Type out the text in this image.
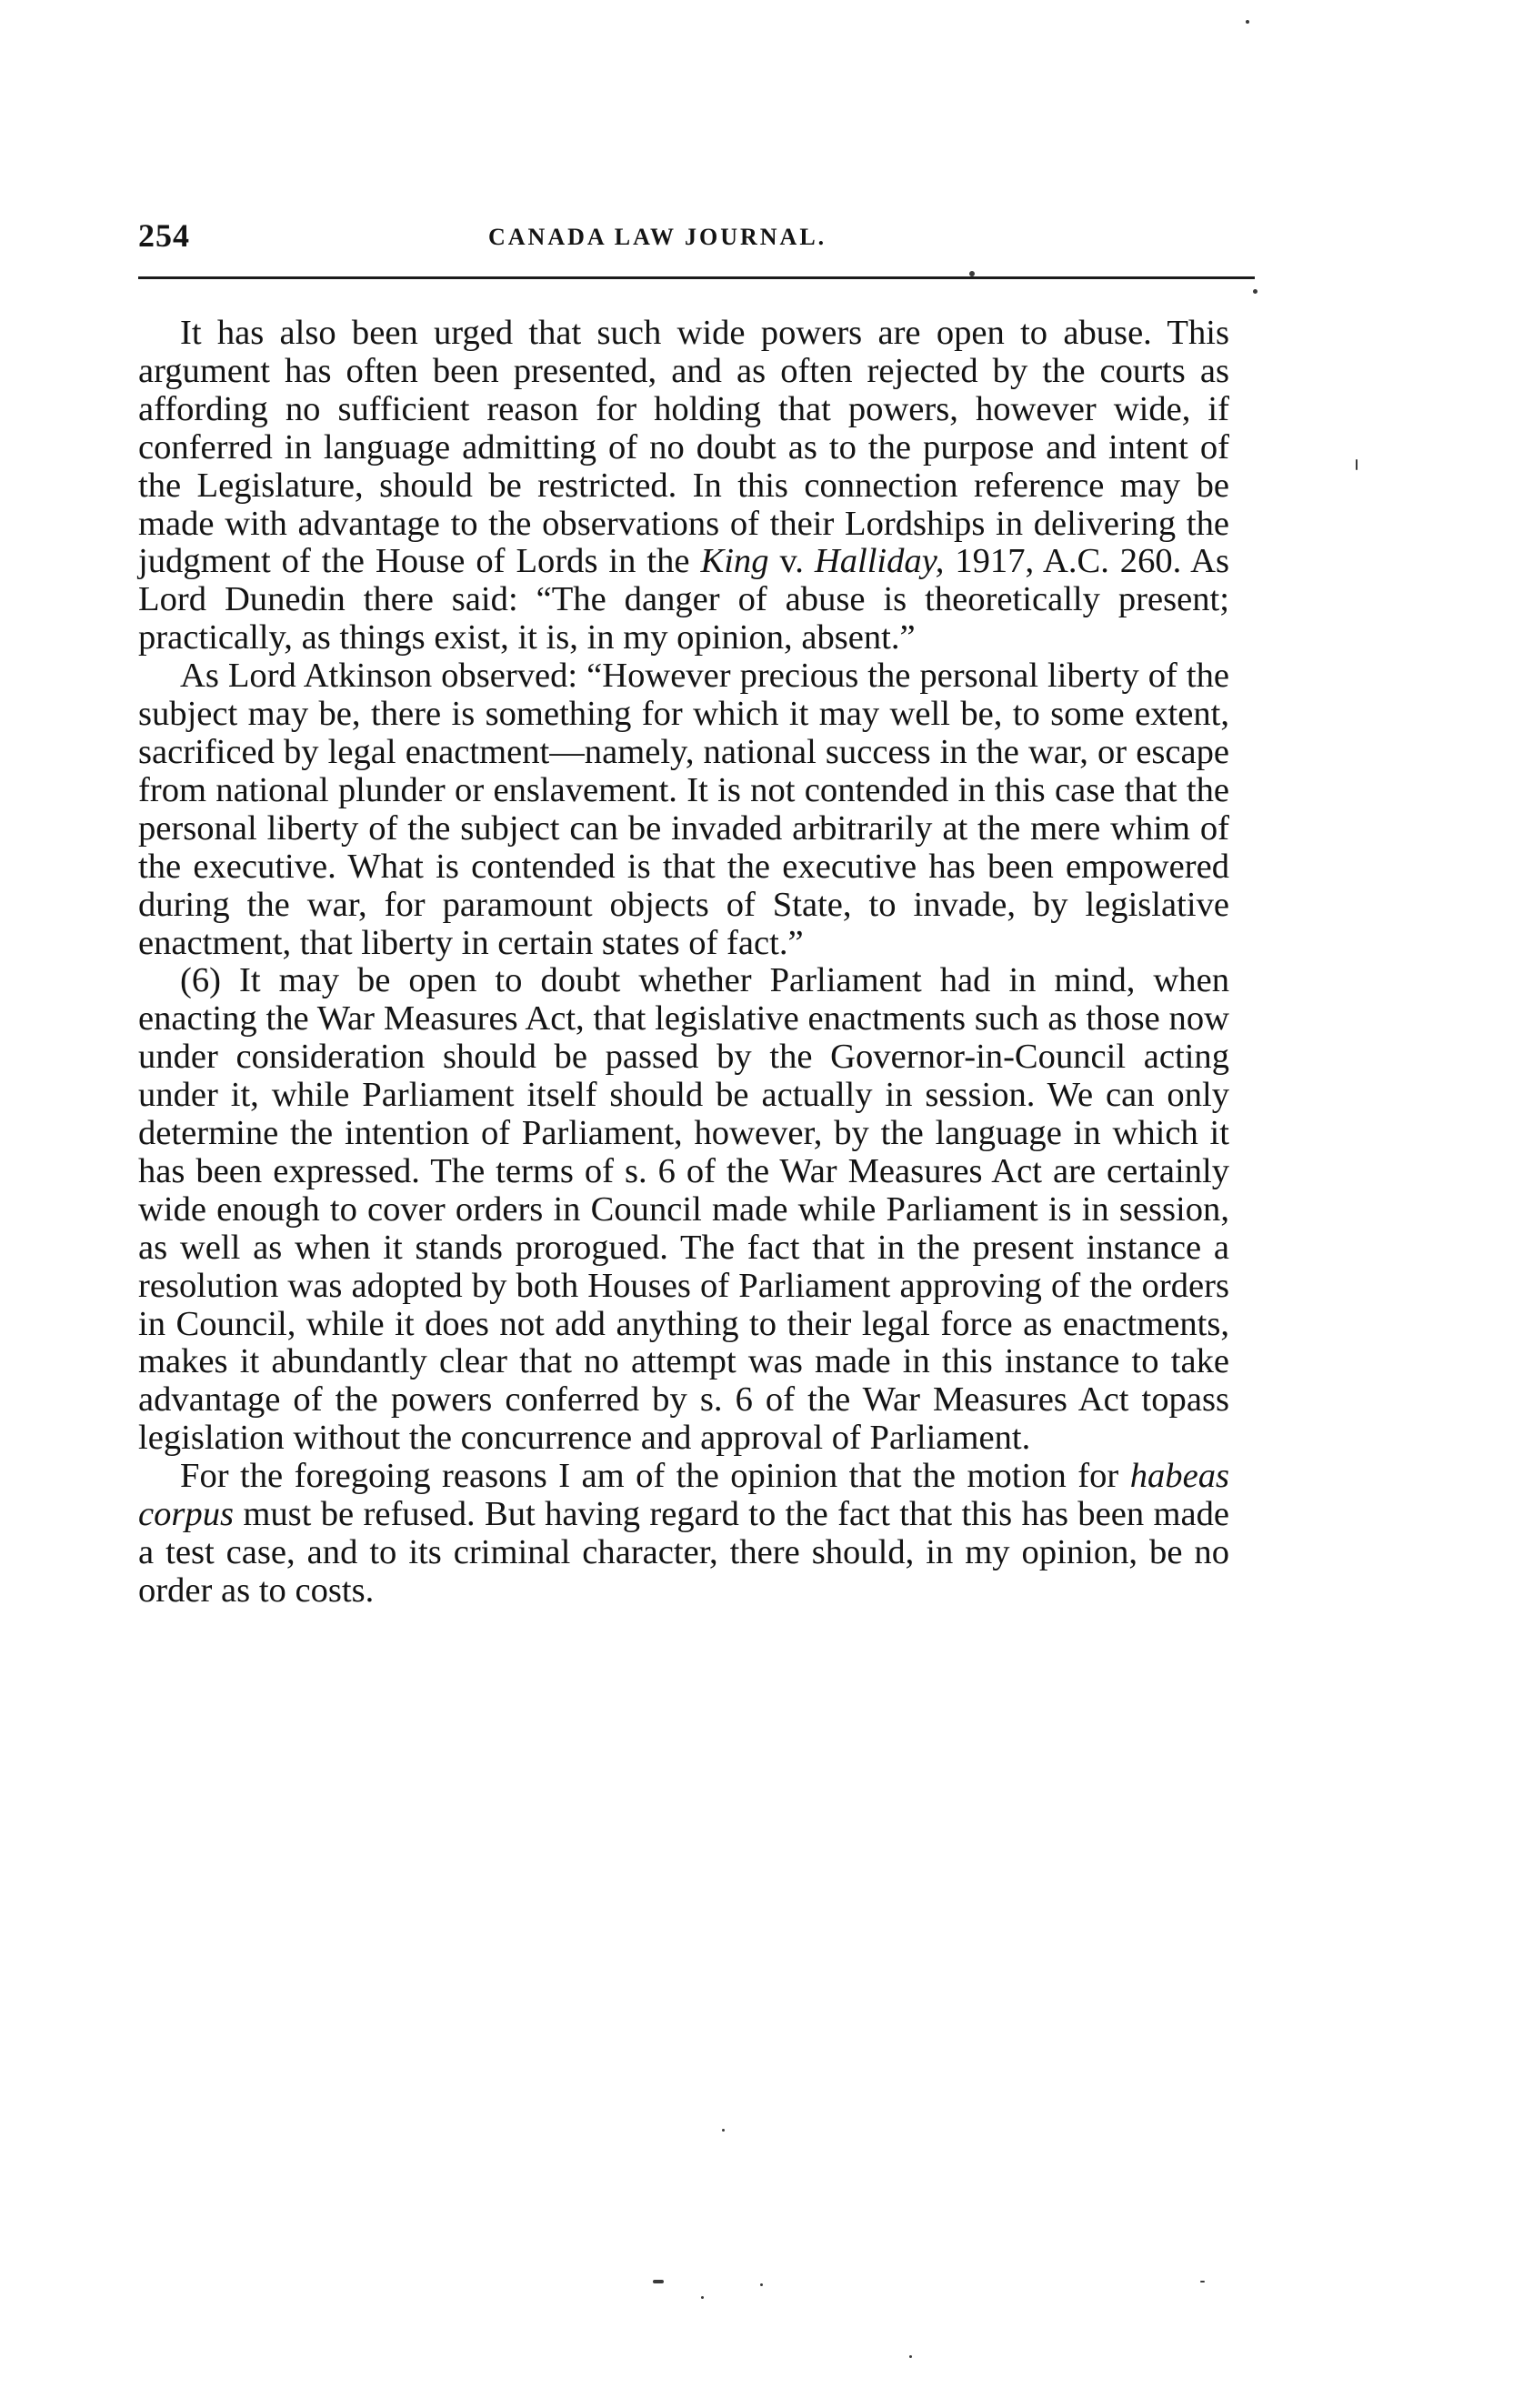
254	CANADA LAW JOURNAL.

It has also been urged that such wide powers are open to abuse. This argument has often been presented, and as often rejected by the courts as affording no sufficient reason for holding that powers, however wide, if conferred in language admitting of no doubt as to the purpose and intent of the Legislature, should be restricted. In this connection reference may be made with advantage to the observations of their Lordships in delivering the judgment of the House of Lords in the King v. Halliday, 1917, A.C. 260. As Lord Dunedin there said: “The danger of abuse is theoretically present; practically, as things exist, it is, in my opinion, absent.”

As Lord Atkinson observed: “However precious the personal liberty of the subject may be, there is something for which it may well be, to some extent, sacrificed by legal enactment—namely, national success in the war, or escape from national plunder or enslavement. It is not contended in this case that the personal liberty of the subject can be invaded arbitrarily at the mere whim of the executive. What is contended is that the executive has been empowered during the war, for paramount objects of State, to invade, by legislative enactment, that liberty in certain states of fact.”

(6) It may be open to doubt whether Parliament had in mind, when enacting the War Measures Act, that legislative enactments such as those now under consideration should be passed by the Governor-in-Council acting under it, while Parliament itself should be actually in session. We can only determine the intention of Parliament, however, by the language in which it has been expressed. The terms of s. 6 of the War Measures Act are certainly wide enough to cover orders in Council made while Parliament is in session, as well as when it stands prorogued. The fact that in the present instance a resolution was adopted by both Houses of Parliament approving of the orders in Council, while it does not add anything to their legal force as enactments, makes it abundantly clear that no attempt was made in this instance to take advantage of the powers conferred by s. 6 of the War Measures Act topass legislation without the concurrence and approval of Parliament.

For the foregoing reasons I am of the opinion that the motion for habeas corpus must be refused. But having regard to the fact that this has been made a test case, and to its criminal character, there should, in my opinion, be no order as to costs.
